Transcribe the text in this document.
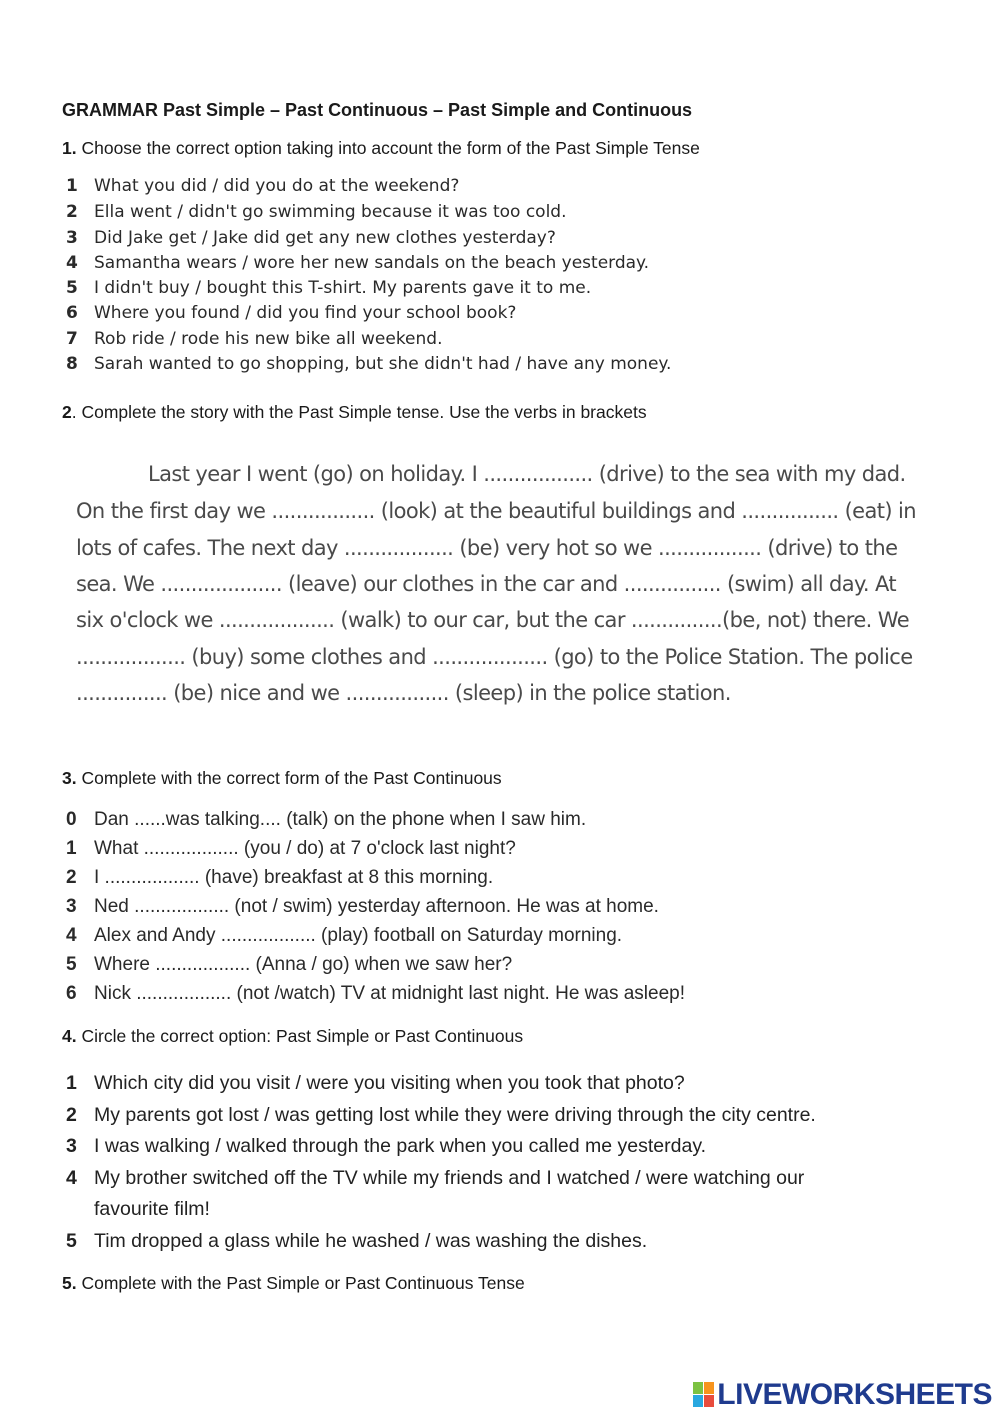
GRAMMAR Past Simple – Past Continuous – Past Simple and Continuous
1. Choose the correct option taking into account the form of the Past Simple Tense
1 What you did / did you do at the weekend?
2 Ella went / didn't go swimming because it was too cold.
3 Did Jake get / Jake did get any new clothes yesterday?
4 Samantha wears / wore her new sandals on the beach yesterday.
5 I didn't buy / bought this T-shirt. My parents gave it to me.
6 Where you found / did you find your school book?
7 Rob ride / rode his new bike all weekend.
8 Sarah wanted to go shopping, but she didn't had / have any money.
2. Complete the story with the Past Simple tense. Use the verbs in brackets
Last year I went (go) on holiday. I .................. (drive) to the sea with my dad.
On the first day we ................. (look) at the beautiful buildings and ................ (eat) in
lots of cafes. The next day .................. (be) very hot so we ................. (drive) to the
sea. We .................... (leave) our clothes in the car and ................ (swim) all day. At
six o'clock we ................... (walk) to our car, but the car ...............(be, not) there. We
.................. (buy) some clothes and ................... (go) to the Police Station. The police
............... (be) nice and we ................. (sleep) in the police station.
3. Complete with the correct form of the Past Continuous
0 Dan ......was talking.... (talk) on the phone when I saw him.
1 What .................. (you / do) at 7 o'clock last night?
2 I .................. (have) breakfast at 8 this morning.
3 Ned .................. (not / swim) yesterday afternoon. He was at home.
4 Alex and Andy .................. (play) football on Saturday morning.
5 Where .................. (Anna / go) when we saw her?
6 Nick .................. (not /watch) TV at midnight last night. He was asleep!
4. Circle the correct option: Past Simple or Past Continuous
1 Which city did you visit / were you visiting when you took that photo?
2 My parents got lost / was getting lost while they were driving through the city centre.
3 I was walking / walked through the park when you called me yesterday.
4 My brother switched off the TV while my friends and I watched / were watching our
favourite film!
5 Tim dropped a glass while he washed / was washing the dishes.
5. Complete with the Past Simple or Past Continuous Tense
LIVEWORKSHEETS
